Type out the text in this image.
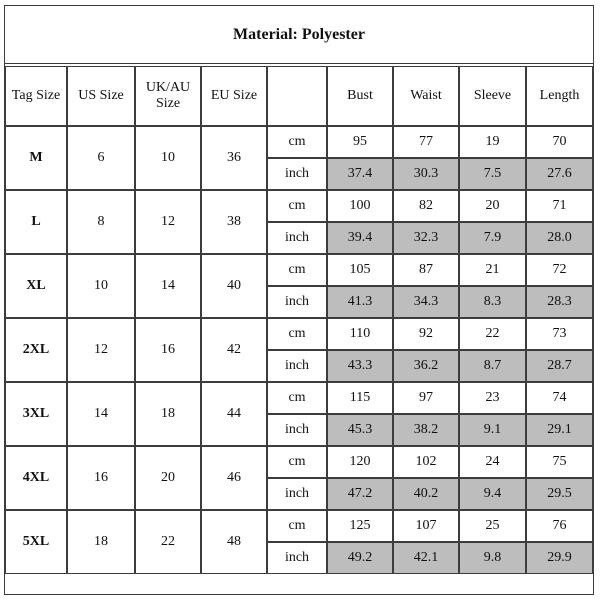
Material: Polyester
Tag Size	US Size	UK/AU Size	EU Size		Bust	Waist	Sleeve	Length
M	6	10	36	cm	95	77	19	70
				inch	37.4	30.3	7.5	27.6
L	8	12	38	cm	100	82	20	71
				inch	39.4	32.3	7.9	28.0
XL	10	14	40	cm	105	87	21	72
				inch	41.3	34.3	8.3	28.3
2XL	12	16	42	cm	110	92	22	73
				inch	43.3	36.2	8.7	28.7
3XL	14	18	44	cm	115	97	23	74
				inch	45.3	38.2	9.1	29.1
4XL	16	20	46	cm	120	102	24	75
				inch	47.2	40.2	9.4	29.5
5XL	18	22	48	cm	125	107	25	76
				inch	49.2	42.1	9.8	29.9
